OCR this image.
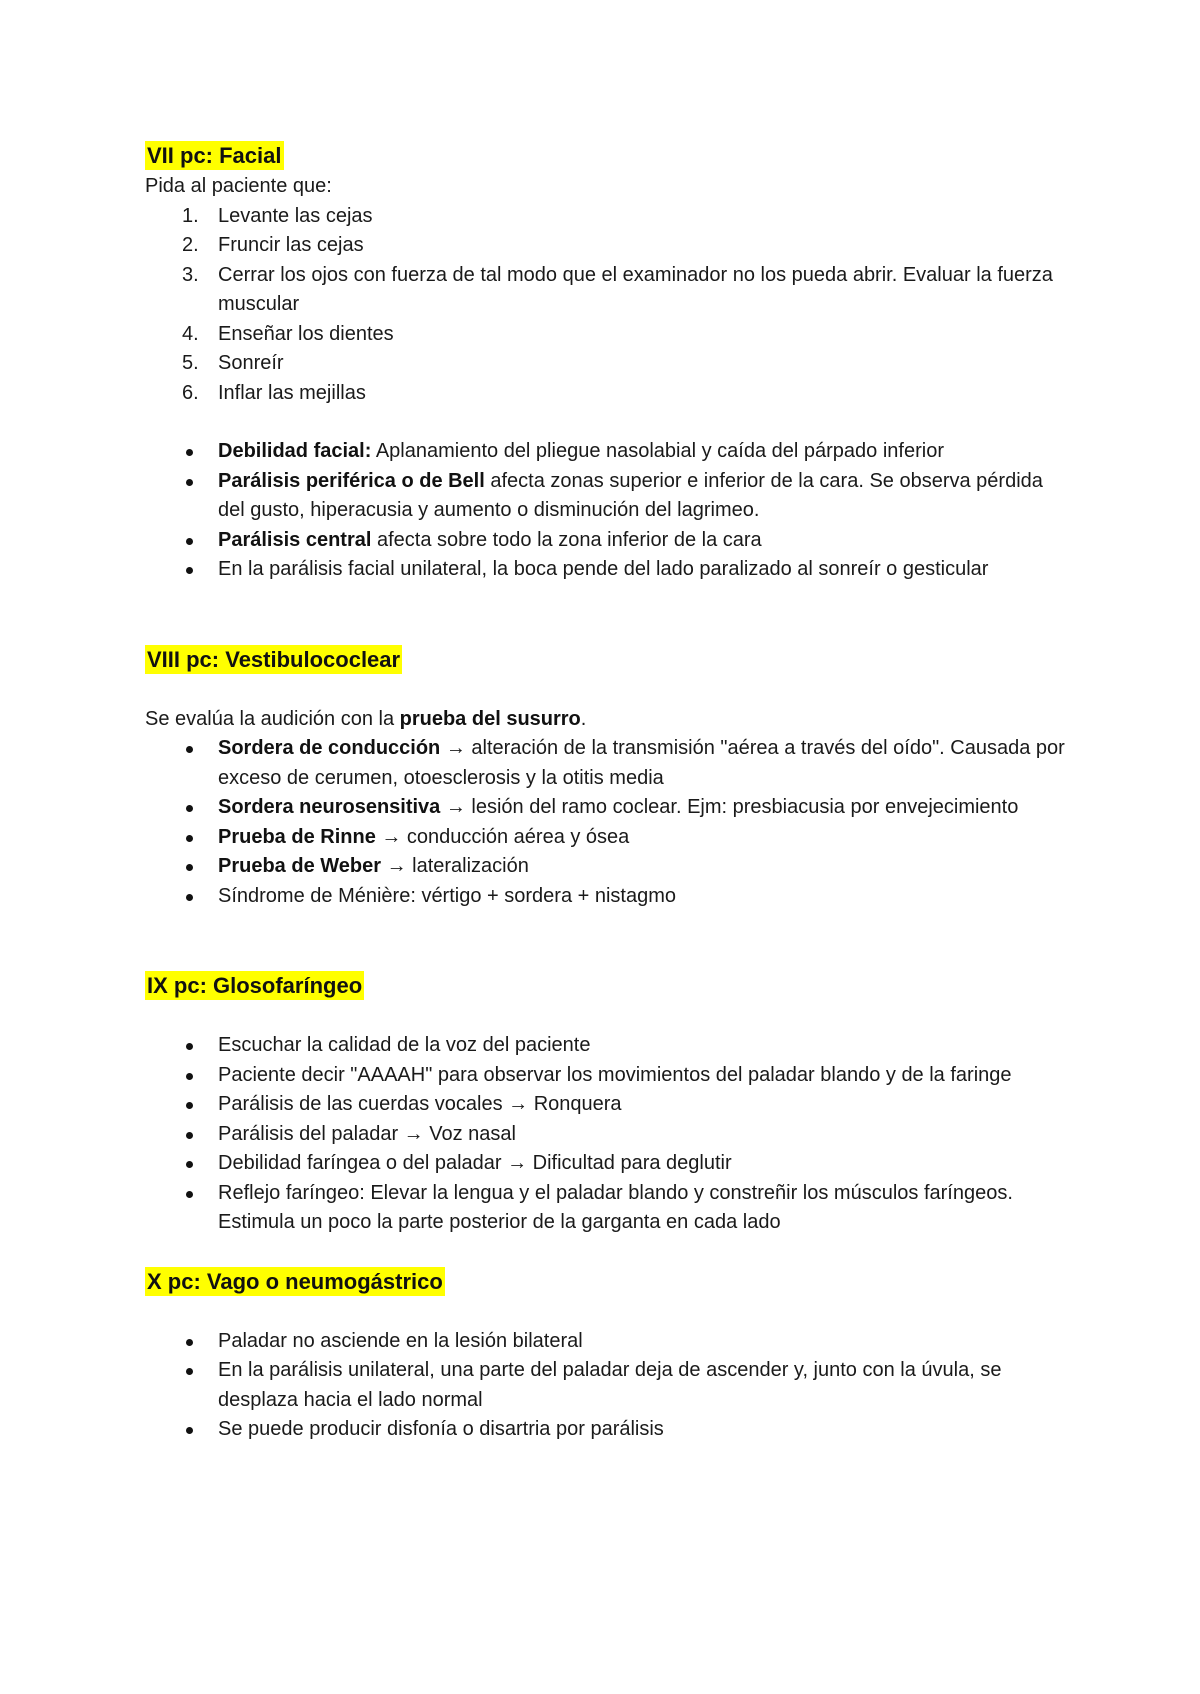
VII pc: Facial

Pida al paciente que:

1. Levante las cejas
2. Fruncir las cejas
3. Cerrar los ojos con fuerza de tal modo que el examinador no los pueda abrir. Evaluar la fuerza muscular
4. Enseñar los dientes
5. Sonreír
6. Inflar las mejillas
Debilidad facial: Aplanamiento del pliegue nasolabial y caída del párpado inferior
Parálisis periférica o de Bell afecta zonas superior e inferior de la cara. Se observa pérdida del gusto, hiperacusia y aumento o disminución del lagrimeo.
Parálisis central afecta sobre todo la zona inferior de la cara
En la parálisis facial unilateral, la boca pende del lado paralizado al sonreír o gesticular
VIII pc: Vestibulococlear

Se evalúa la audición con la prueba del susurro.

Sordera de conducción → alteración de la transmisión "aérea a través del oído". Causada por exceso de cerumen, otoesclerosis y la otitis media
Sordera neurosensitiva → lesión del ramo coclear. Ejm: presbiacusia por envejecimiento
Prueba de Rinne → conducción aérea y ósea
Prueba de Weber → lateralización
Síndrome de Ménière: vértigo + sordera + nistagmo
IX pc: Glosofaríngeo
Escuchar la calidad de la voz del paciente
Paciente decir "AAAAH" para observar los movimientos del paladar blando y de la faringe
Parálisis de las cuerdas vocales → Ronquera
Parálisis del paladar → Voz nasal
Debilidad faríngea o del paladar → Dificultad para deglutir
Reflejo faríngeo: Elevar la lengua y el paladar blando y constreñir los músculos faríngeos. Estimula un poco la parte posterior de la garganta en cada lado
X pc: Vago o neumogástrico
Paladar no asciende en la lesión bilateral
En la parálisis unilateral, una parte del paladar deja de ascender y, junto con la úvula, se desplaza hacia el lado normal
Se puede producir disfonía o disartria por parálisis
